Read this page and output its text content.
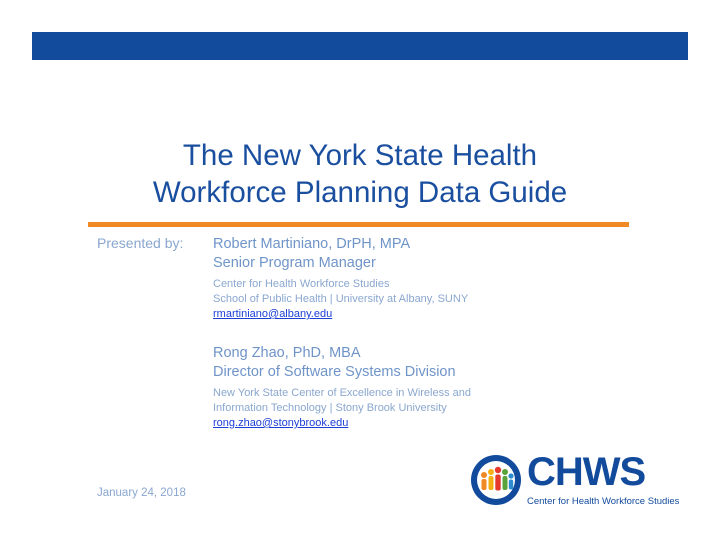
The New York State Health
Workforce Planning Data Guide
Presented by: Robert Martiniano, DrPH, MPA
Senior Program Manager
Center for Health Workforce Studies
School of Public Health | University at Albany, SUNY
rmartiniano@albany.edu
Rong Zhao, PhD, MBA
Director of Software Systems Division
New York State Center of Excellence in Wireless and
Information Technology | Stony Brook University
rong.zhao@stonybrook.edu
January 24, 2018	CHWS
Center for Health Workforce Studies
